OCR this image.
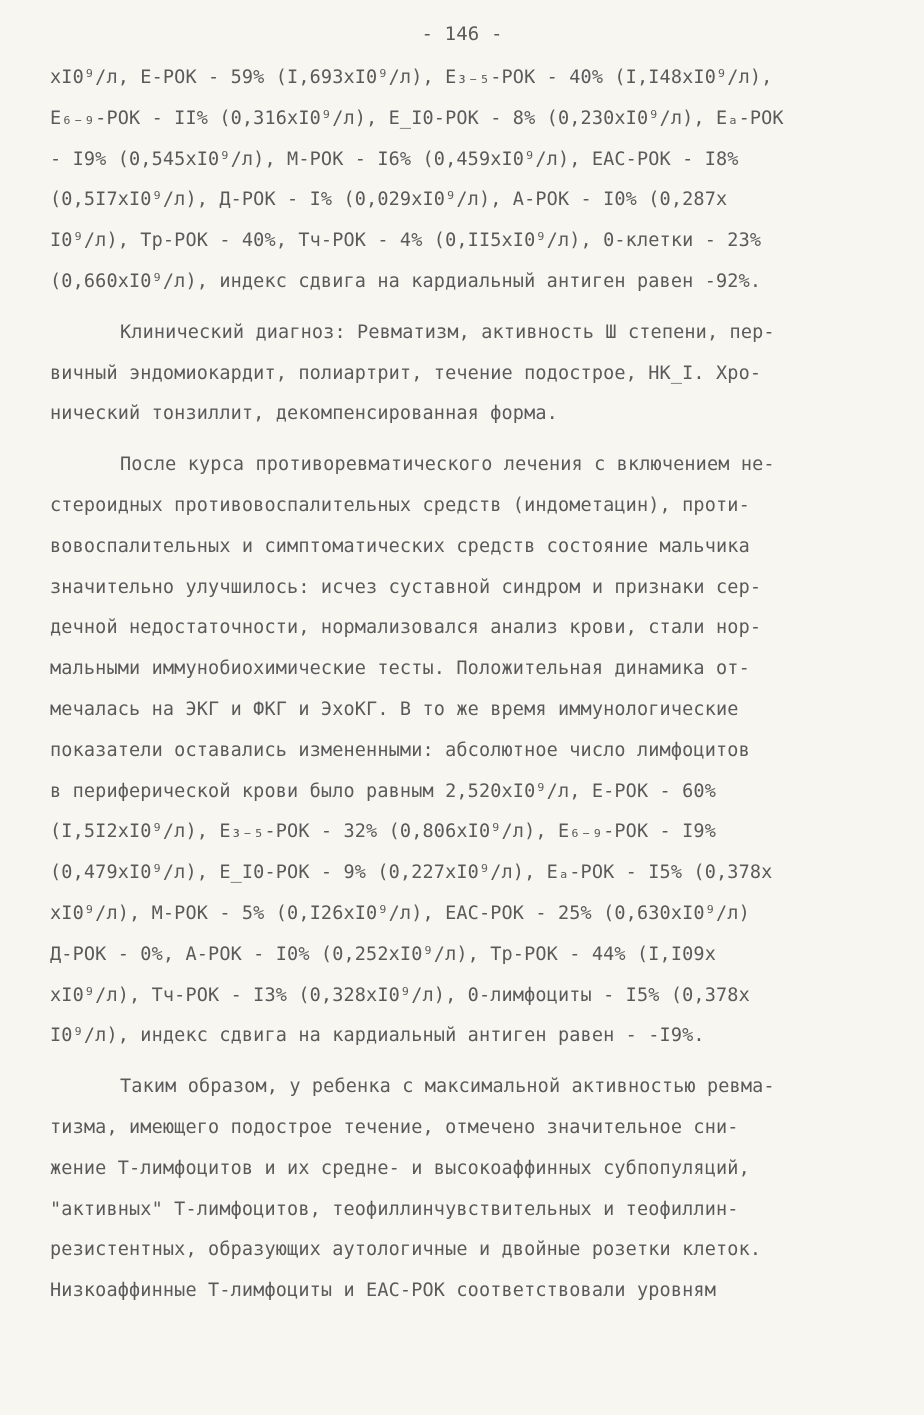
- 146 -
xI0⁹/л, Е-РОК - 59% (I,693xI0⁹/л), Е₃₋₅-РОК - 40% (I,I48xI0⁹/л),
Е₆₋₉-РОК - II% (0,316xI0⁹/л), Е_I0-РОК - 8% (0,230xI0⁹/л), Еₐ-РОК
- I9% (0,545xI0⁹/л), М-РОК - I6% (0,459xI0⁹/л), ЕАС-РОК - I8%
(0,5I7xI0⁹/л), Д-РОК - I% (0,029xI0⁹/л), А-РОК - I0% (0,287x
I0⁹/л), Тр-РОК - 40%, Тч-РОК - 4% (0,II5xI0⁹/л), 0-клетки - 23%
(0,660xI0⁹/л), индекс сдвига на кардиальный антиген равен -92%.
Клинический диагноз: Ревматизм, активность Ш степени, пер-
вичный эндомиокардит, полиартрит, течение подострое, НК_I. Хро-
нический тонзиллит, декомпенсированная форма.
После курса противоревматического лечения с включением не-
стероидных противовоспалительных средств (индометацин), проти-
вовоспалительных и симптоматических средств состояние мальчика
значительно улучшилось: исчез суставной синдром и признаки сер-
дечной недостаточности, нормализовался анализ крови, стали нор-
мальными иммунобиохимические тесты. Положительная динамика от-
мечалась на ЭКГ и ФКГ и ЭхоКГ. В то же время иммунологические
показатели оставались измененными: абсолютное число лимфоцитов
в периферической крови было равным 2,520xI0⁹/л, Е-РОК - 60%
(I,5I2xI0⁹/л), Е₃₋₅-РОК - 32% (0,806xI0⁹/л), Е₆₋₉-РОК - I9%
(0,479xI0⁹/л), Е_I0-РОК - 9% (0,227xI0⁹/л), Еₐ-РОК - I5% (0,378x
xI0⁹/л), М-РОК - 5% (0,I26xI0⁹/л), ЕАС-РОК - 25% (0,630xI0⁹/л)
Д-РОК - 0%, А-РОК - I0% (0,252xI0⁹/л), Тр-РОК - 44% (I,I09x
xI0⁹/л), Тч-РОК - I3% (0,328xI0⁹/л), 0-лимфоциты - I5% (0,378x
I0⁹/л), индекс сдвига на кардиальный антиген равен - -I9%.
Таким образом, у ребенка с максимальной активностью ревма-
тизма, имеющего подострое течение, отмечено значительное сни-
жение Т-лимфоцитов и их средне- и высокоаффинных субпопуляций,
"активных" Т-лимфоцитов, теофиллинчувствительных и теофиллин-
резистентных, образующих аутологичные и двойные розетки клеток.
Низкоаффинные Т-лимфоциты и ЕАС-РОК соответствовали уровням
